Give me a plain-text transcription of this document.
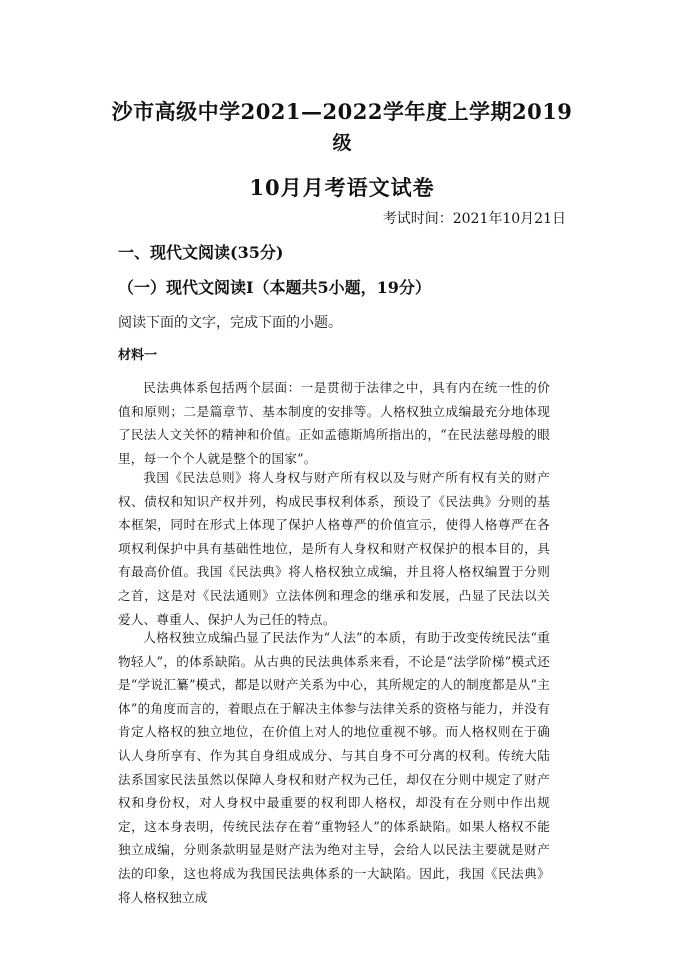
沙市高级中学2021—2022学年度上学期2019
级
10月月考语文试卷
考试时间：2021年10月21日
一、现代文阅读(35分)
（一）现代文阅读Ⅰ（本题共5小题，19分）
阅读下面的文字，完成下面的小题。
材料一

民法典体系包括两个层面：一是贯彻于法律之中，具有内在统一性的价值和原则；二是篇章节、基本制度的安排等。人格权独立成编最充分地体现了民法人文关怀的精神和价值。正如孟德斯鸠所指出的，“在民法慈母般的眼里，每一个个人就是整个的国家”。

我国《民法总则》将人身权与财产所有权以及与财产所有权有关的财产权、债权和知识产权并列，构成民事权利体系，预设了《民法典》分则的基本框架，同时在形式上体现了保护人格尊严的价值宣示，使得人格尊严在各项权利保护中具有基础性地位，是所有人身权和财产权保护的根本目的，具有最高价值。我国《民法典》将人格权独立成编，并且将人格权编置于分则之首，这是对《民法通则》立法体例和理念的继承和发展，凸显了民法以关爱人、尊重人、保护人为己任的特点。

人格权独立成编凸显了民法作为“人法”的本质，有助于改变传统民法“重物轻人”，的体系缺陷。从古典的民法典体系来看，不论是“法学阶梯”模式还是“学说汇纂”模式，都是以财产关系为中心，其所规定的人的制度都是从“主体”的角度而言的，着眼点在于解决主体参与法律关系的资格与能力，并没有肯定人格权的独立地位，在价值上对人的地位重视不够。而人格权则在于确认人身所享有、作为其自身组成成分、与其自身不可分离的权利。传统大陆法系国家民法虽然以保障人身权和财产权为己任，却仅在分则中规定了财产权和身份权，对人身权中最重要的权利即人格权，却没有在分则中作出规定，这本身表明，传统民法存在着“重物轻人”的体系缺陷。如果人格权不能独立成编，分则条款明显是财产法为绝对主导，会给人以民法主要就是财产法的印象，这也将成为我国民法典体系的一大缺陷。因此，我国《民法典》将人格权独立成
